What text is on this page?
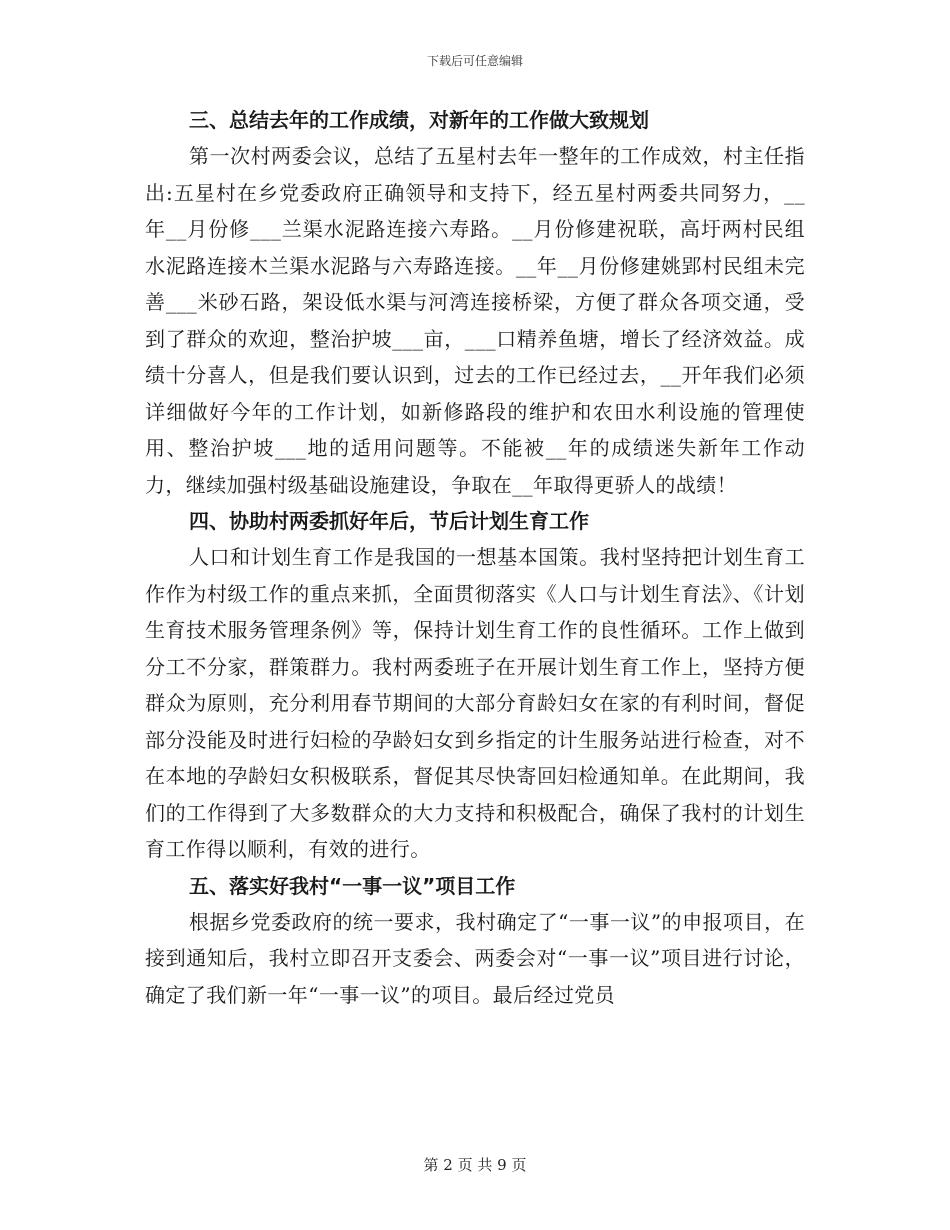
下载后可任意编辑
三、总结去年的工作成绩，对新年的工作做大致规划

第一次村两委会议，总结了五星村去年一整年的工作成效，村主任指出:五星村在乡党委政府正确领导和支持下，经五星村两委共同努力，__年__月份修___兰渠水泥路连接六寿路。__月份修建祝联，高圩两村民组水泥路连接木兰渠水泥路与六寿路连接。__年__月份修建姚郢村民组未完善___米砂石路，架设低水渠与河湾连接桥梁，方便了群众各项交通，受到了群众的欢迎，整治护坡___亩，___口精养鱼塘，增长了经济效益。成绩十分喜人，但是我们要认识到，过去的工作已经过去，__开年我们必须详细做好今年的工作计划，如新修路段的维护和农田水利设施的管理使用、整治护坡___地的适用问题等。不能被__年的成绩迷失新年工作动力，继续加强村级基础设施建设，争取在__年取得更骄人的战绩！

四、协助村两委抓好年后，节后计划生育工作

人口和计划生育工作是我国的一想基本国策。我村坚持把计划生育工作作为村级工作的重点来抓，全面贯彻落实《人口与计划生育法》、《计划生育技术服务管理条例》等，保持计划生育工作的良性循环。工作上做到分工不分家，群策群力。我村两委班子在开展计划生育工作上，坚持方便群众为原则，充分利用春节期间的大部分育龄妇女在家的有利时间，督促部分没能及时进行妇检的孕龄妇女到乡指定的计生服务站进行检查，对不在本地的孕龄妇女积极联系，督促其尽快寄回妇检通知单。在此期间，我们的工作得到了大多数群众的大力支持和积极配合，确保了我村的计划生育工作得以顺利，有效的进行。

五、落实好我村“一事一议”项目工作

根据乡党委政府的统一要求，我村确定了“一事一议”的申报项目，在接到通知后，我村立即召开支委会、两委会对“一事一议”项目进行讨论，确定了我们新一年“一事一议”的项目。最后经过党员

第 2 页 共 9 页
